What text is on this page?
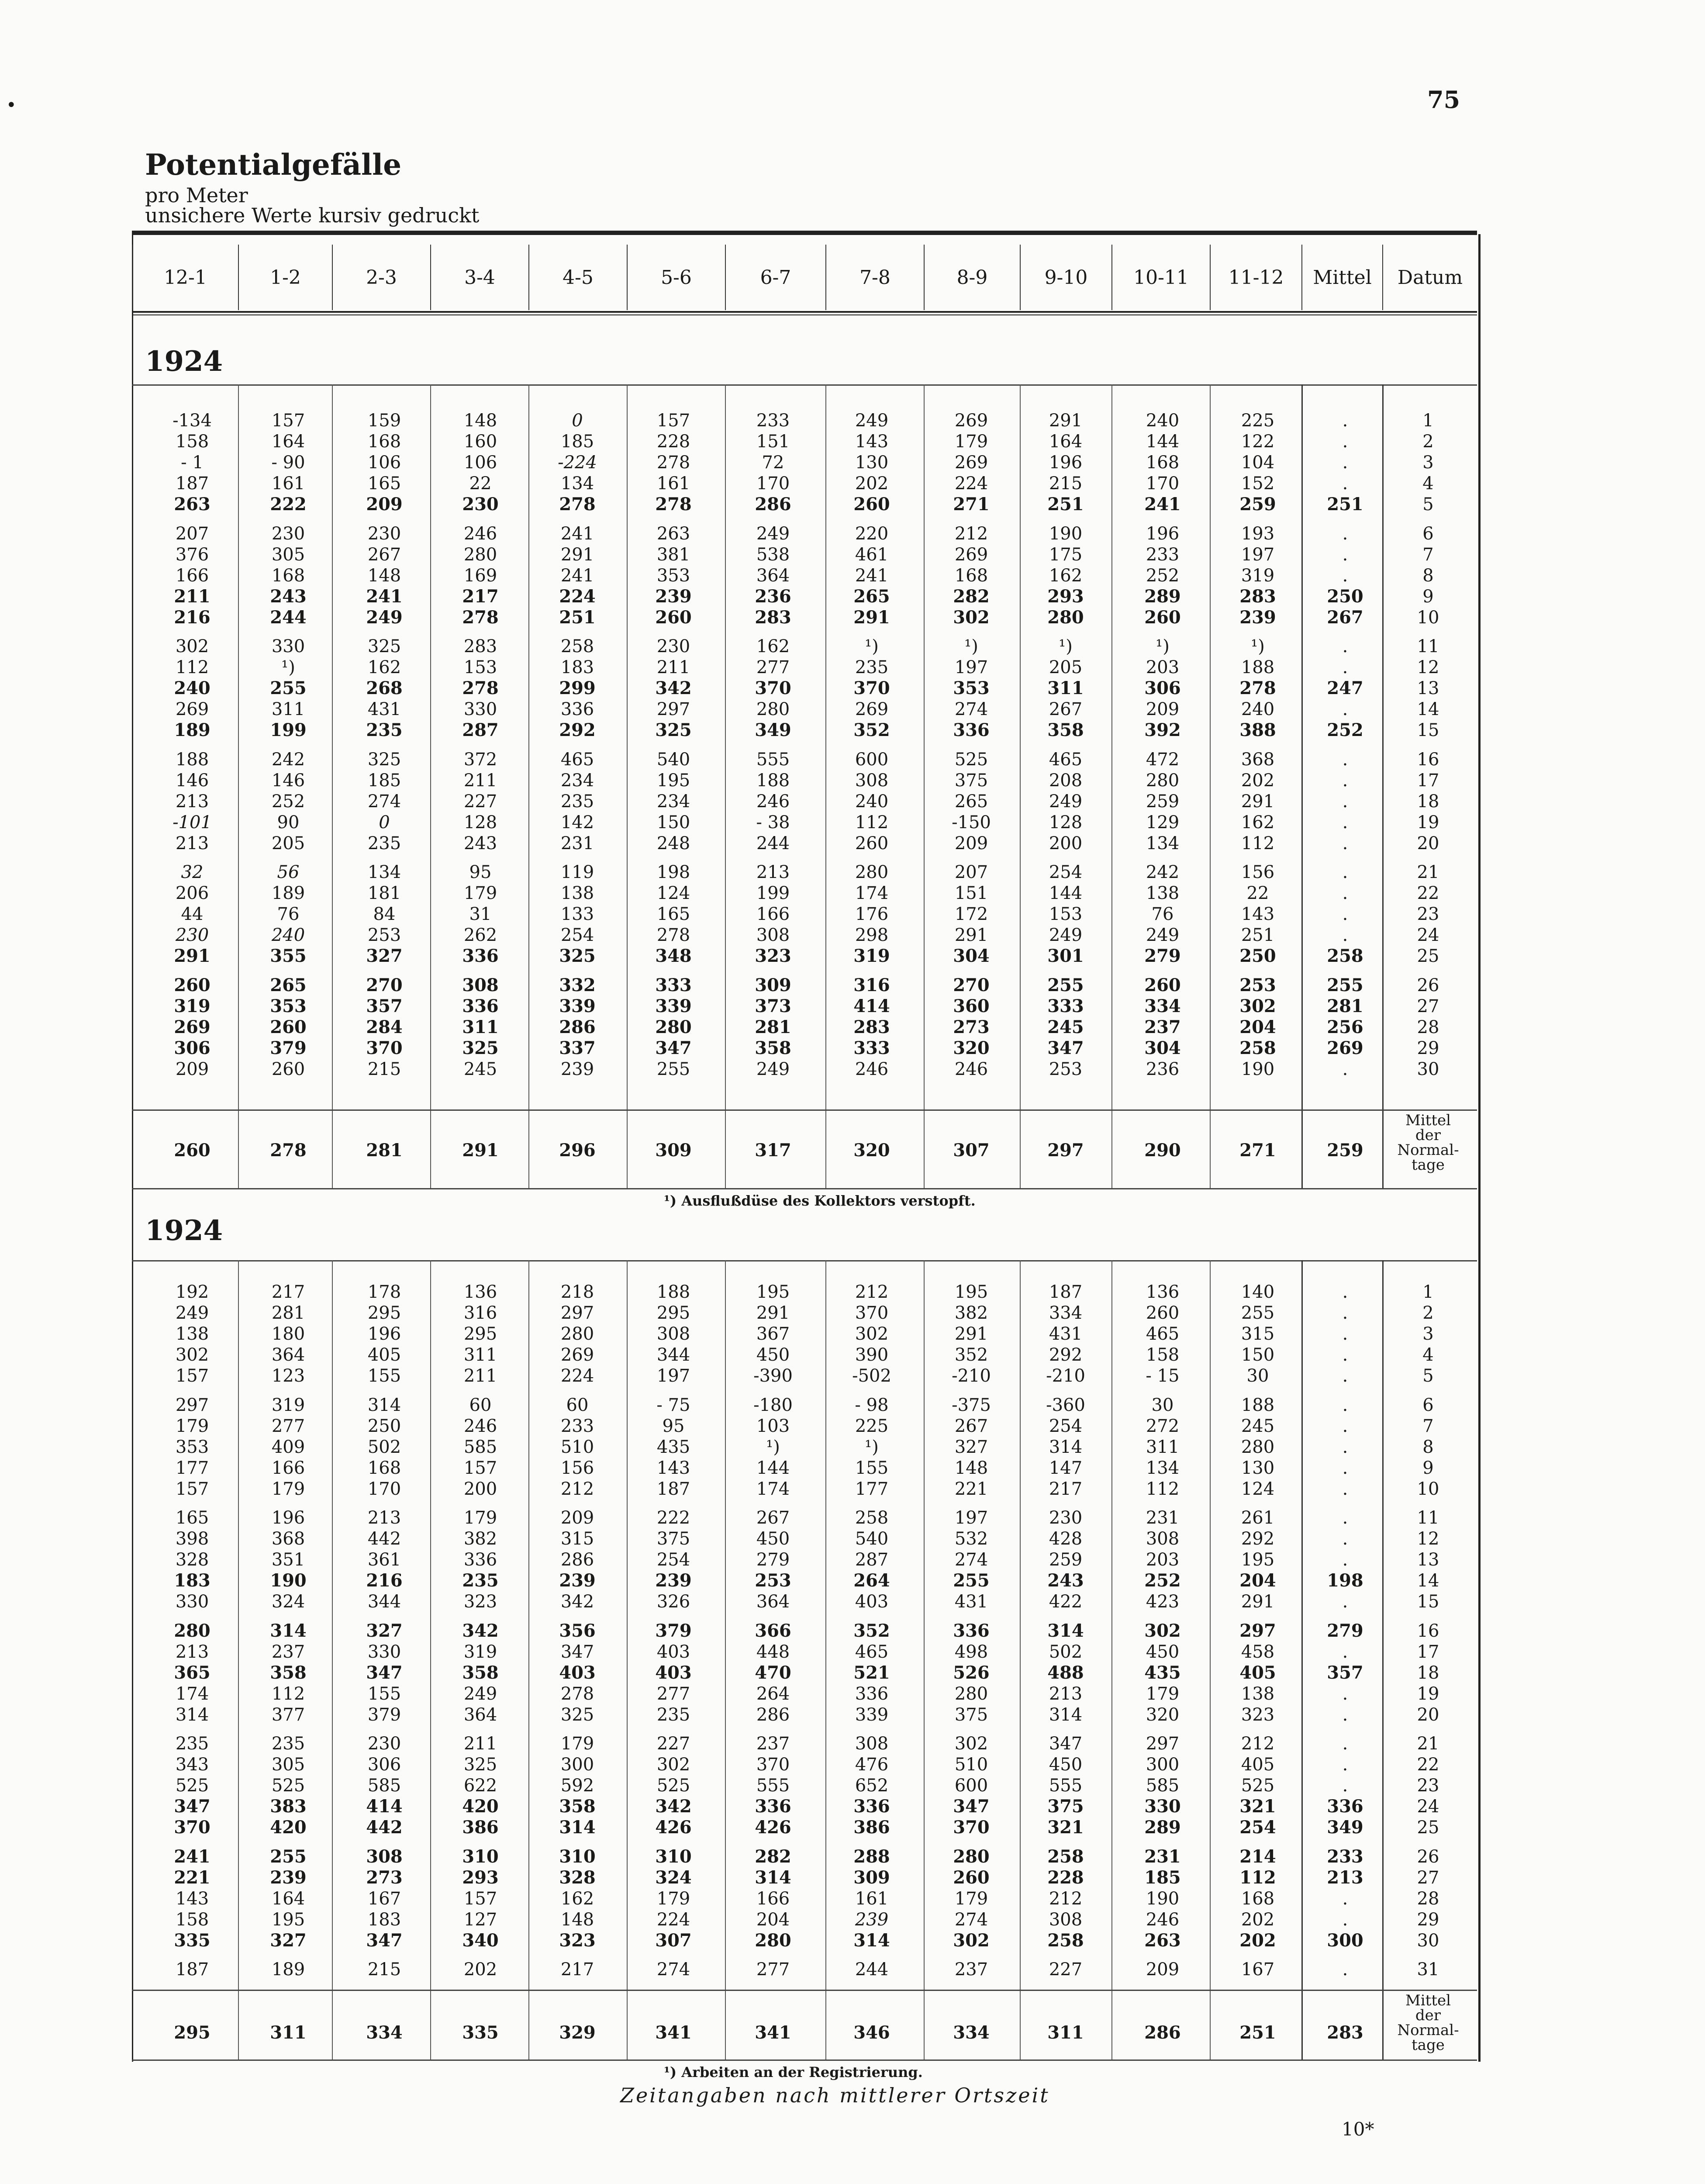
•	75
Potentialgefälle
pro Meter
unsichere Werte kursiv gedruckt
12-1	1-2	2-3	3-4	4-5	5-6	6-7	7-8	8-9	9-10	10-11	11-12	Mittel	Datum
1924
-134	157	159	148	0	157	233	249	269	291	240	225	.	1
158	164	168	160	185	228	151	143	179	164	144	122	.	2
- 1	- 90	106	106	-224	278	72	130	269	196	168	104	.	3
187	161	165	22	134	161	170	202	224	215	170	152	.	4
263	222	209	230	278	278	286	260	271	251	241	259	251	5
207	230	230	246	241	263	249	220	212	190	196	193	.	6
376	305	267	280	291	381	538	461	269	175	233	197	.	7
166	168	148	169	241	353	364	241	168	162	252	319	.	8
211	243	241	217	224	239	236	265	282	293	289	283	250	9
216	244	249	278	251	260	283	291	302	280	260	239	267	10
302	330	325	283	258	230	162	¹)	¹)	¹)	¹)	¹)	.	11
112	¹)	162	153	183	211	277	235	197	205	203	188	.	12
240	255	268	278	299	342	370	370	353	311	306	278	247	13
269	311	431	330	336	297	280	269	274	267	209	240	.	14
189	199	235	287	292	325	349	352	336	358	392	388	252	15
188	242	325	372	465	540	555	600	525	465	472	368	.	16
146	146	185	211	234	195	188	308	375	208	280	202	.	17
213	252	274	227	235	234	246	240	265	249	259	291	.	18
-101	90	0	128	142	150	- 38	112	-150	128	129	162	.	19
213	205	235	243	231	248	244	260	209	200	134	112	.	20
32	56	134	95	119	198	213	280	207	254	242	156	.	21
206	189	181	179	138	124	199	174	151	144	138	22	.	22
44	76	84	31	133	165	166	176	172	153	76	143	.	23
230	240	253	262	254	278	308	298	291	249	249	251	.	24
291	355	327	336	325	348	323	319	304	301	279	250	258	25
260	265	270	308	332	333	309	316	270	255	260	253	255	26
319	353	357	336	339	339	373	414	360	333	334	302	281	27
269	260	284	311	286	280	281	283	273	245	237	204	256	28
306	379	370	325	337	347	358	333	320	347	304	258	269	29
209	260	215	245	239	255	249	246	246	253	236	190	.	30
260	278	281	291	296	309	317	320	307	297	290	271	259
Mittel
der
Normal-
tage
¹) Ausflußdüse des Kollektors verstopft.
1924
192	217	178	136	218	188	195	212	195	187	136	140	.	1
249	281	295	316	297	295	291	370	382	334	260	255	.	2
138	180	196	295	280	308	367	302	291	431	465	315	.	3
302	364	405	311	269	344	450	390	352	292	158	150	.	4
157	123	155	211	224	197	-390	-502	-210	-210	- 15	30	.	5
297	319	314	60	60	- 75	-180	- 98	-375	-360	30	188	.	6
179	277	250	246	233	95	103	225	267	254	272	245	.	7
353	409	502	585	510	435	¹)	¹)	327	314	311	280	.	8
177	166	168	157	156	143	144	155	148	147	134	130	.	9
157	179	170	200	212	187	174	177	221	217	112	124	.	10
165	196	213	179	209	222	267	258	197	230	231	261	.	11
398	368	442	382	315	375	450	540	532	428	308	292	.	12
328	351	361	336	286	254	279	287	274	259	203	195	.	13
183	190	216	235	239	239	253	264	255	243	252	204	198	14
330	324	344	323	342	326	364	403	431	422	423	291	.	15
280	314	327	342	356	379	366	352	336	314	302	297	279	16
213	237	330	319	347	403	448	465	498	502	450	458	.	17
365	358	347	358	403	403	470	521	526	488	435	405	357	18
174	112	155	249	278	277	264	336	280	213	179	138	.	19
314	377	379	364	325	235	286	339	375	314	320	323	.	20
235	235	230	211	179	227	237	308	302	347	297	212	.	21
343	305	306	325	300	302	370	476	510	450	300	405	.	22
525	525	585	622	592	525	555	652	600	555	585	525	.	23
347	383	414	420	358	342	336	336	347	375	330	321	336	24
370	420	442	386	314	426	426	386	370	321	289	254	349	25
241	255	308	310	310	310	282	288	280	258	231	214	233	26
221	239	273	293	328	324	314	309	260	228	185	112	213	27
143	164	167	157	162	179	166	161	179	212	190	168	.	28
158	195	183	127	148	224	204	239	274	308	246	202	.	29
335	327	347	340	323	307	280	314	302	258	263	202	300	30
187	189	215	202	217	274	277	244	237	227	209	167	.	31
295	311	334	335	329	341	341	346	334	311	286	251	283
Mittel
der
Normal-
tage
¹) Arbeiten an der Registrierung.
Zeitangaben nach mittlerer Ortszeit
10*
